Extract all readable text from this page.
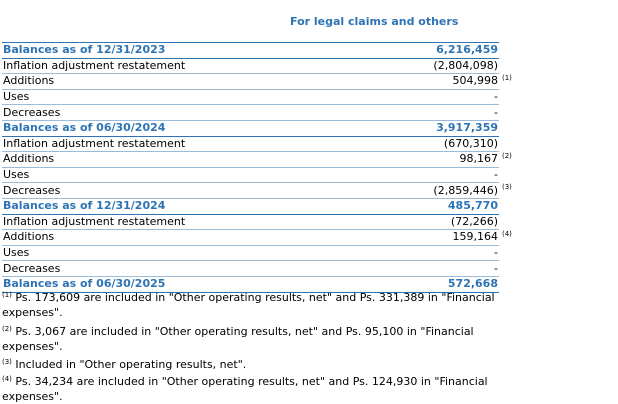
For legal claims and others
Balances as of 12/31/2023	6,216,459
Inflation adjustment restatement	(2,804,098)
Additions	504,998
Uses	-
Decreases	-
Balances as of 06/30/2024	3,917,359
Inflation adjustment restatement	(670,310)
Additions	98,167
Uses	-
Decreases	(2,859,446)
Balances as of 12/31/2024	485,770
Inflation adjustment restatement	(72,266)
Additions	159,164
Uses	-
Decreases	-
Balances as of 06/30/2025	572,668
(1)
(2)
(3)
(4)
$^{(1)}$ Ps. 173,609 are included in "Other operating results, net" and Ps. 331,389 in "Financial expenses".
$^{(2)}$ Ps. 3,067 are included in "Other operating results, net" and Ps. 95,100 in "Financial expenses".
$^{(3)}$ Included in "Other operating results, net".
$^{(4)}$ Ps. 34,234 are included in "Other operating results, net" and Ps. 124,930 in "Financial expenses".
